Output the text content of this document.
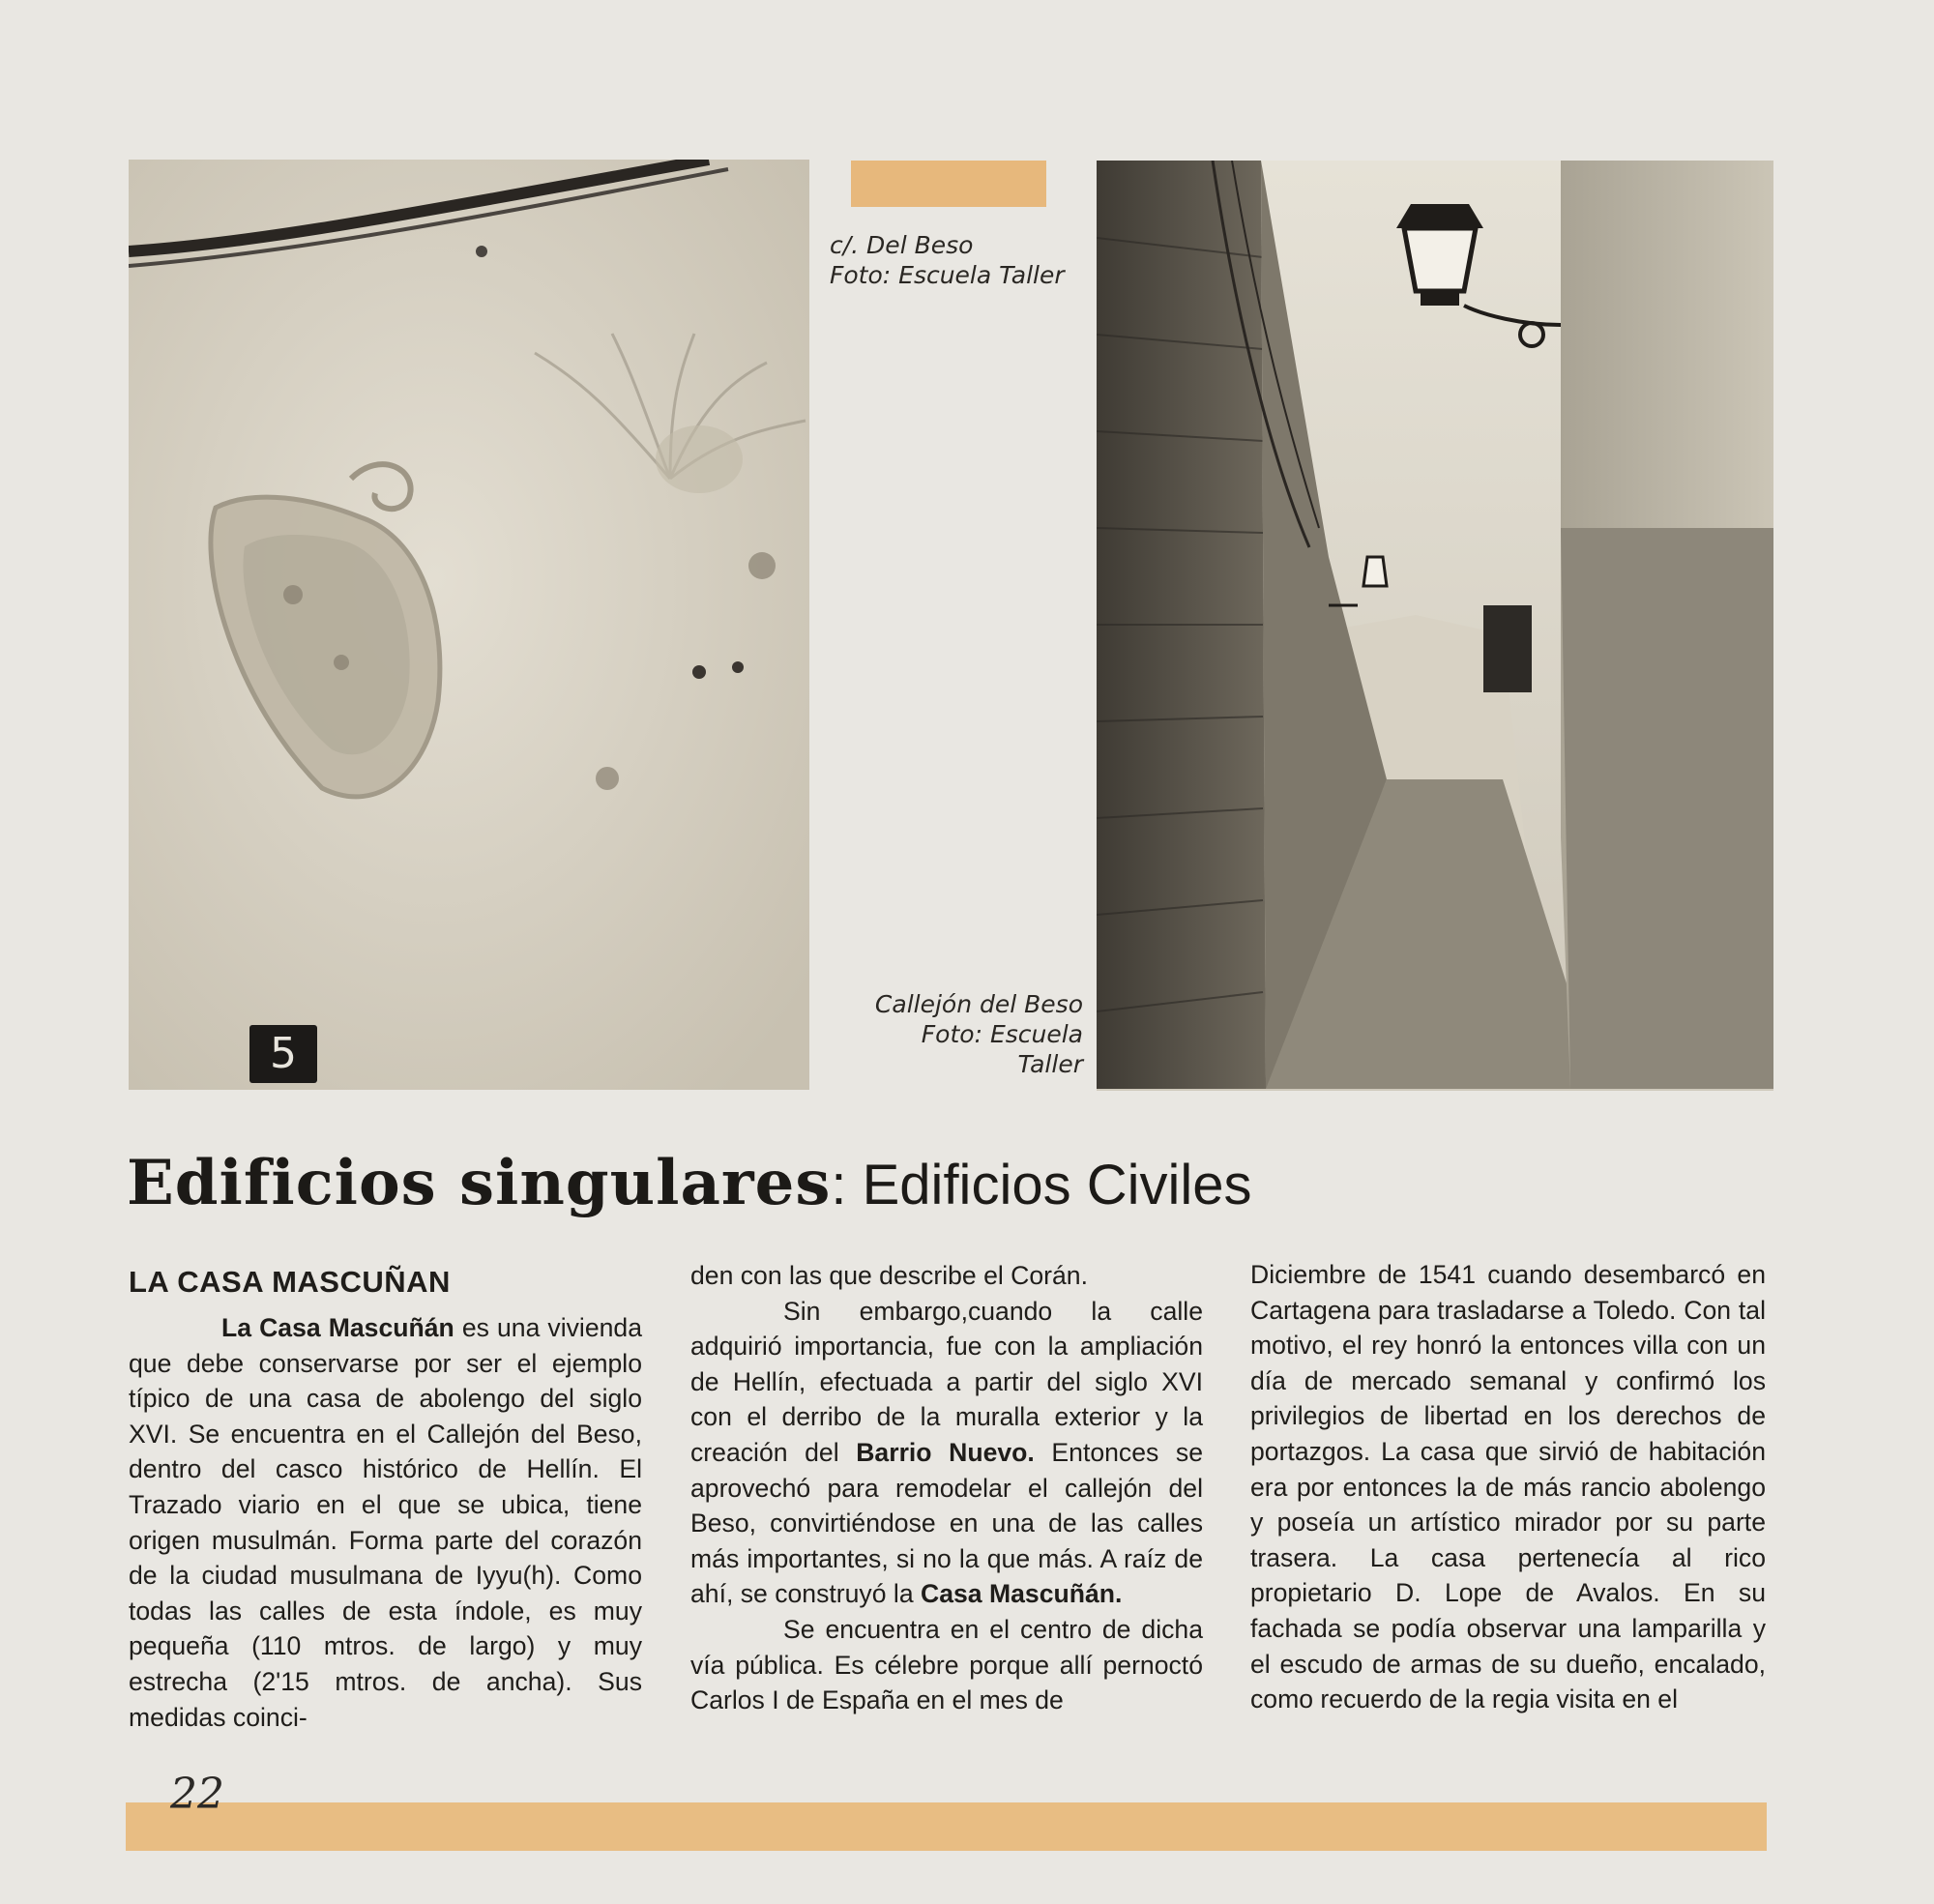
5
c/. Del Beso
Foto: Escuela Taller
Callejón del Beso
Foto: Escuela Taller
Edificios singulares: Edificios Civiles
LA CASA MASCUÑAN

La Casa Mascuñán es una vivienda que debe conservarse por ser el ejemplo típico de una casa de abolengo del siglo XVI. Se encuentra en el Callejón del Beso, dentro del casco histórico de Hellín. El Trazado viario en el que se ubica, tiene origen musulmán. Forma parte del corazón de la ciudad musulmana de Iyyu(h). Como todas las calles de esta índole, es muy pequeña (110 mtros. de largo) y muy estrecha (2'15 mtros. de ancha). Sus medidas coinci-

den con las que describe el Corán.

Sin embargo,cuando la calle adquirió importancia, fue con la ampliación de Hellín, efectuada a partir del siglo XVI con el derribo de la muralla exterior y la creación del Barrio Nuevo. Entonces se aprovechó para remodelar el callejón del Beso, convirtiéndose en una de las calles más importantes, si no la que más. A raíz de ahí, se construyó la Casa Mascuñán.

Se encuentra en el centro de dicha vía pública. Es célebre porque allí pernoctó Carlos I de España en el mes de

Diciembre de 1541 cuando desembarcó en Cartagena para trasladarse a Toledo. Con tal motivo, el rey honró la entonces villa con un día de mercado semanal y confirmó los privilegios de libertad en los derechos de portazgos. La casa que sirvió de habitación era por entonces la de más rancio abolengo y poseía un artístico mirador por su parte trasera. La casa pertenecía al rico propietario D. Lope de Avalos. En su fachada se podía observar una lamparilla y el escudo de armas de su dueño, encalado, como recuerdo de la regia visita en el

22
